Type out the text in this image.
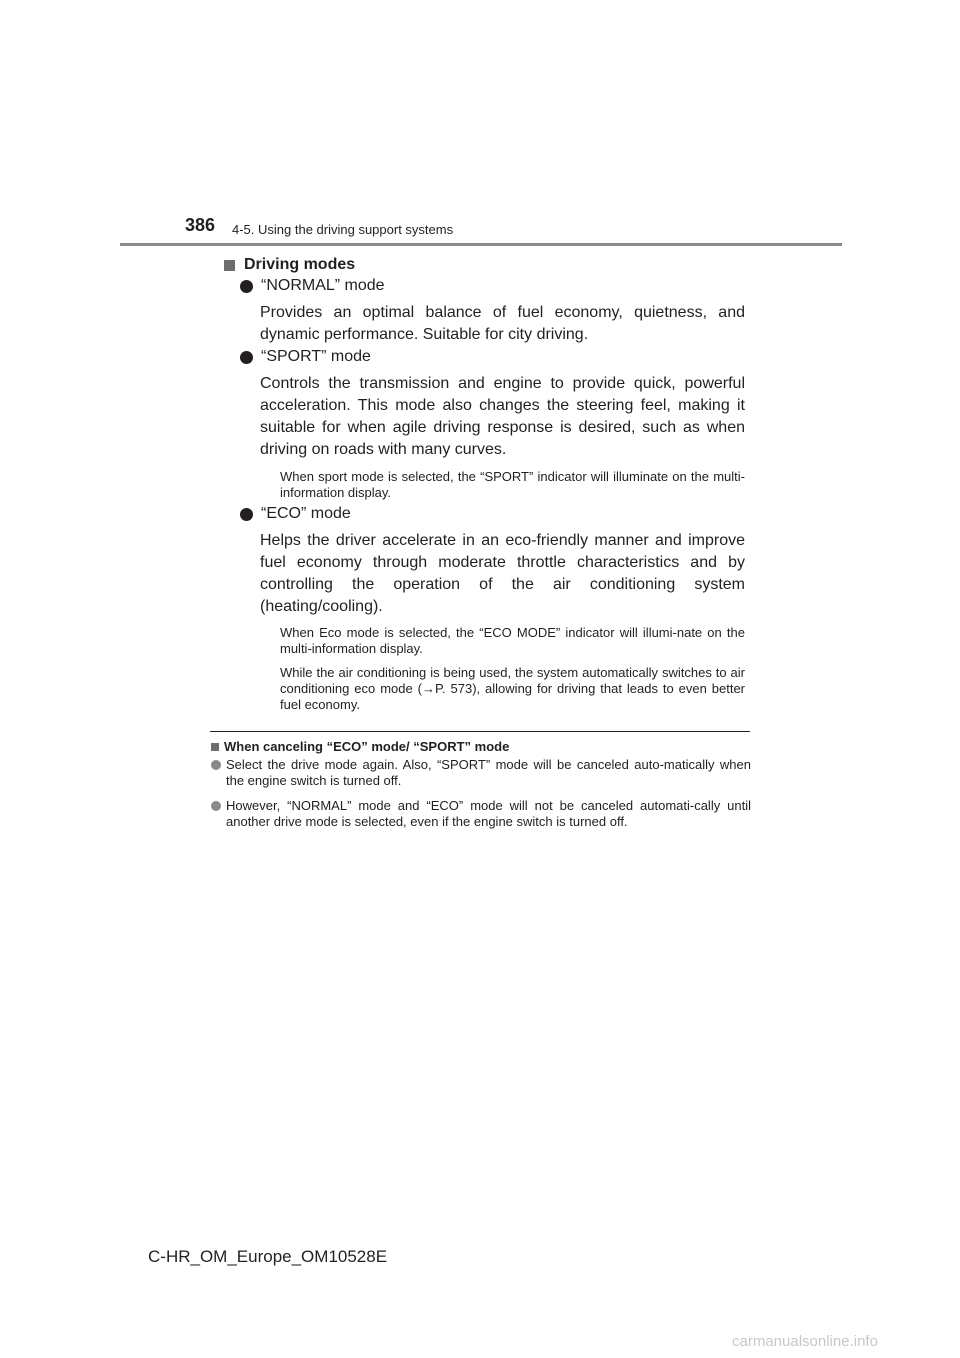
386 4-5. Using the driving support systems
Driving modes
“NORMAL” mode
Provides an optimal balance of fuel economy, quietness, and dynamic performance. Suitable for city driving.
“SPORT” mode
Controls the transmission and engine to provide quick, powerful acceleration. This mode also changes the steering feel, making it suitable for when agile driving response is desired, such as when driving on roads with many curves.
When sport mode is selected, the “SPORT” indicator will illuminate on the multi-information display.
“ECO” mode
Helps the driver accelerate in an eco-friendly manner and improve fuel economy through moderate throttle characteristics and by controlling the operation of the air conditioning system (heating/cooling).
When Eco mode is selected, the “ECO MODE” indicator will illumi-nate on the multi-information display.
While the air conditioning is being used, the system automatically switches to air conditioning eco mode (→P. 573), allowing for driving that leads to even better fuel economy.
When canceling “ECO” mode/ “SPORT” mode
Select the drive mode again. Also, “SPORT” mode will be canceled auto-matically when the engine switch is turned off.
However, “NORMAL” mode and “ECO” mode will not be canceled automati-cally until another drive mode is selected, even if the engine switch is turned off.
C-HR_OM_Europe_OM10528E
carmanualsonline.info
